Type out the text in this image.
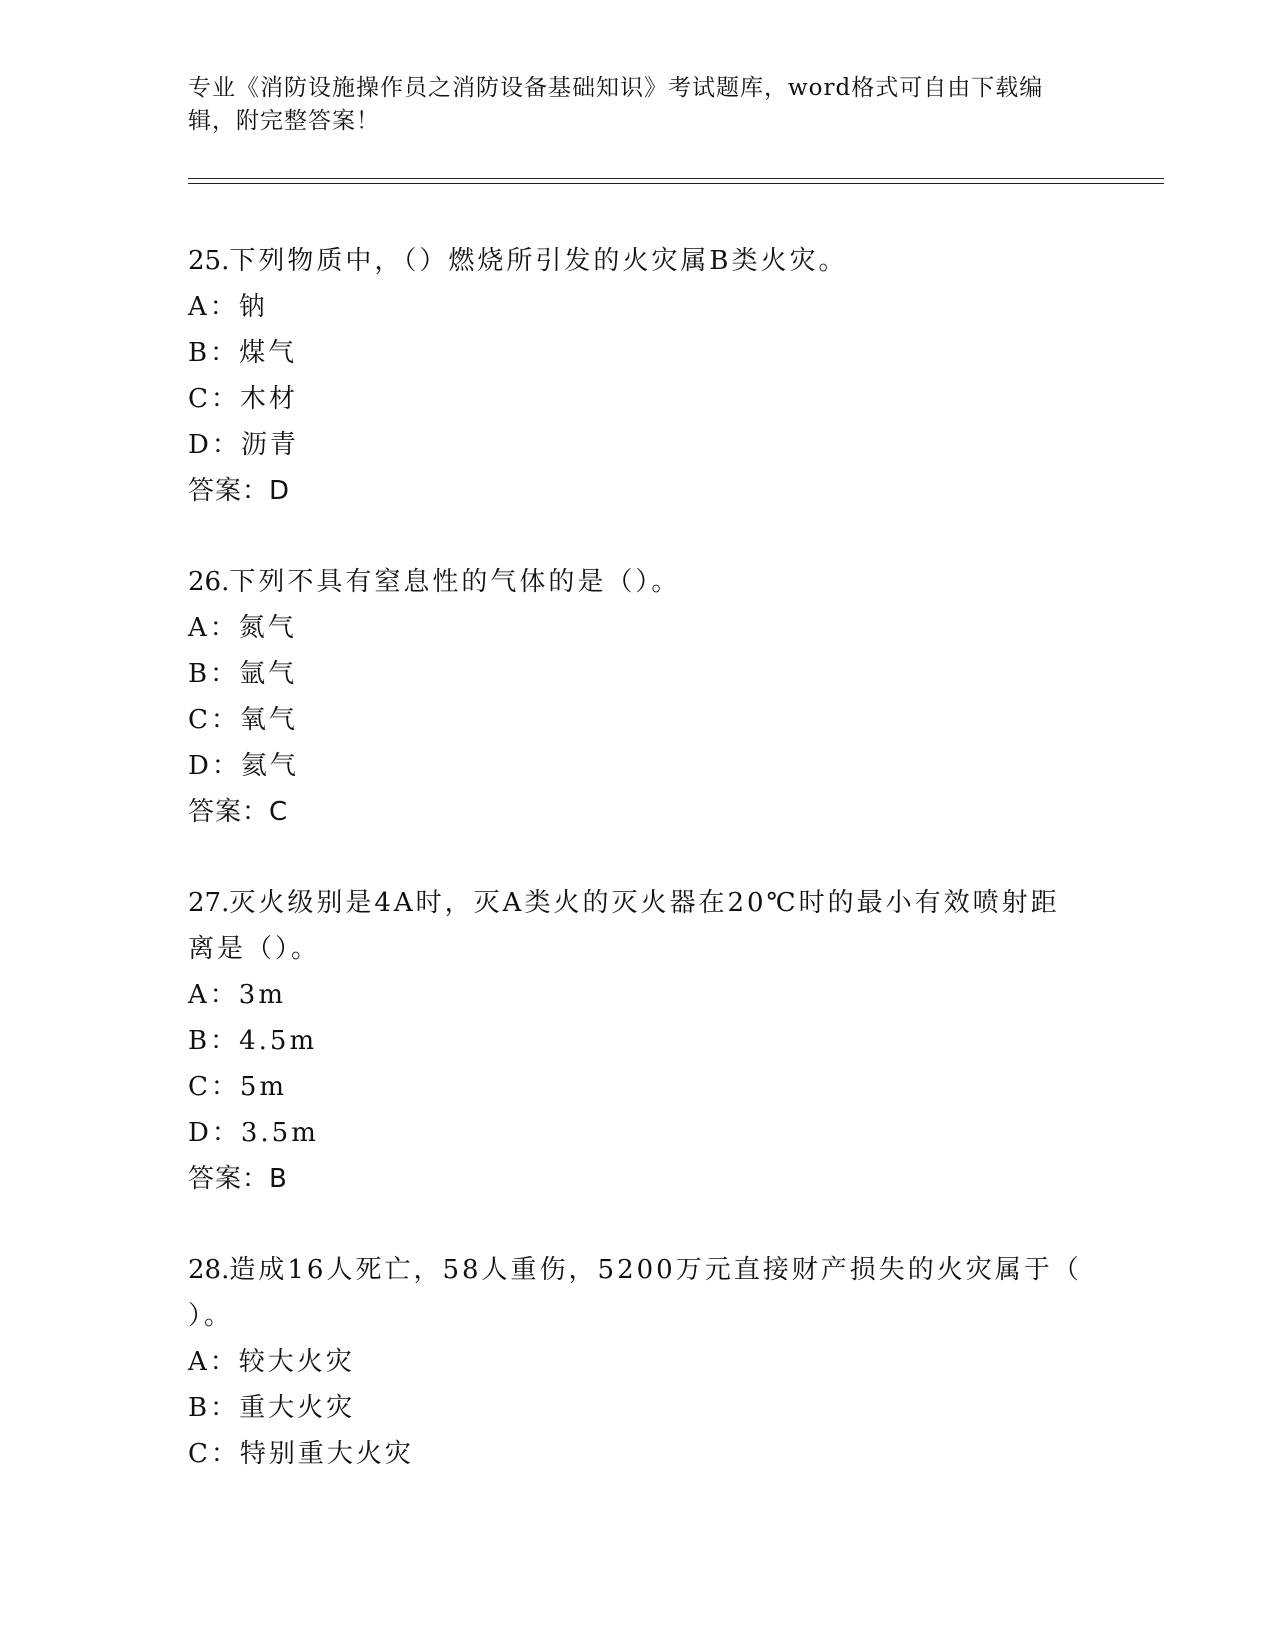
专业《消防设施操作员之消防设备基础知识》考试题库，word格式可自由下载编
辑，附完整答案！
25.下列物质中，（）燃烧所引发的火灾属B类火灾。
A：钠
B：煤气
C：木材
D：沥青
答案：D
26.下列不具有窒息性的气体的是（）。
A：氮气
B：氩气
C：氧气
D：氦气
答案：C
27.灭火级别是4A时，灭A类火的灭火器在20℃时的最小有效喷射距
离是（）。
A：3m
B：4.5m
C：5m
D：3.5m
答案：B
28.造成16人死亡，58人重伤，5200万元直接财产损失的火灾属于（
）。
A：较大火灾
B：重大火灾
C：特别重大火灾
